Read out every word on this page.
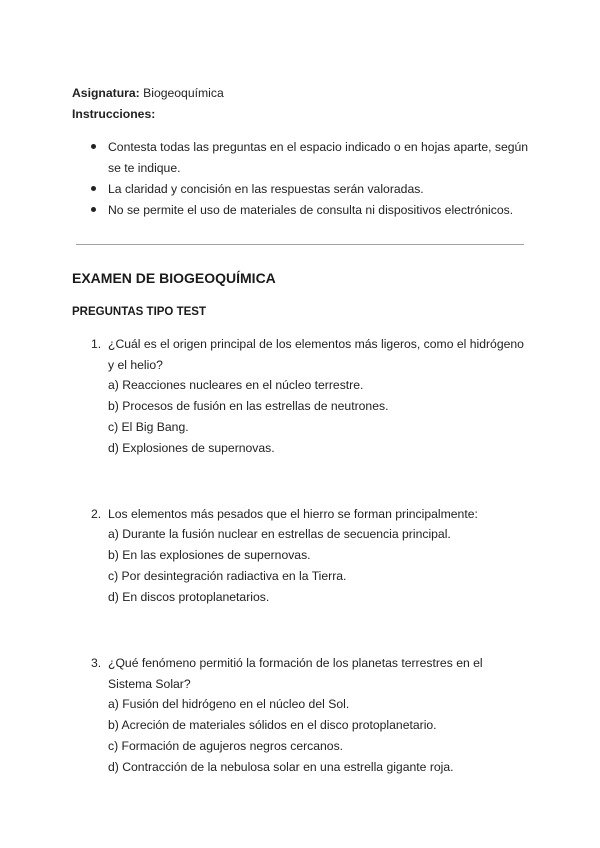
Asignatura: Biogeoquímica
Instrucciones:
Contesta todas las preguntas en el espacio indicado o en hojas aparte, según
se te indique.
La claridad y concisión en las respuestas serán valoradas.
No se permite el uso de materiales de consulta ni dispositivos electrónicos.
EXAMEN DE BIOGEOQUÍMICA
PREGUNTAS TIPO TEST
1. ¿Cuál es el origen principal de los elementos más ligeros, como el hidrógeno
y el helio?
a) Reacciones nucleares en el núcleo terrestre.
b) Procesos de fusión en las estrellas de neutrones.
c) El Big Bang.
d) Explosiones de supernovas.
2. Los elementos más pesados que el hierro se forman principalmente:
a) Durante la fusión nuclear en estrellas de secuencia principal.
b) En las explosiones de supernovas.
c) Por desintegración radiactiva en la Tierra.
d) En discos protoplanetarios.
3. ¿Qué fenómeno permitió la formación de los planetas terrestres en el
Sistema Solar?
a) Fusión del hidrógeno en el núcleo del Sol.
b) Acreción de materiales sólidos en el disco protoplanetario.
c) Formación de agujeros negros cercanos.
d) Contracción de la nebulosa solar en una estrella gigante roja.
